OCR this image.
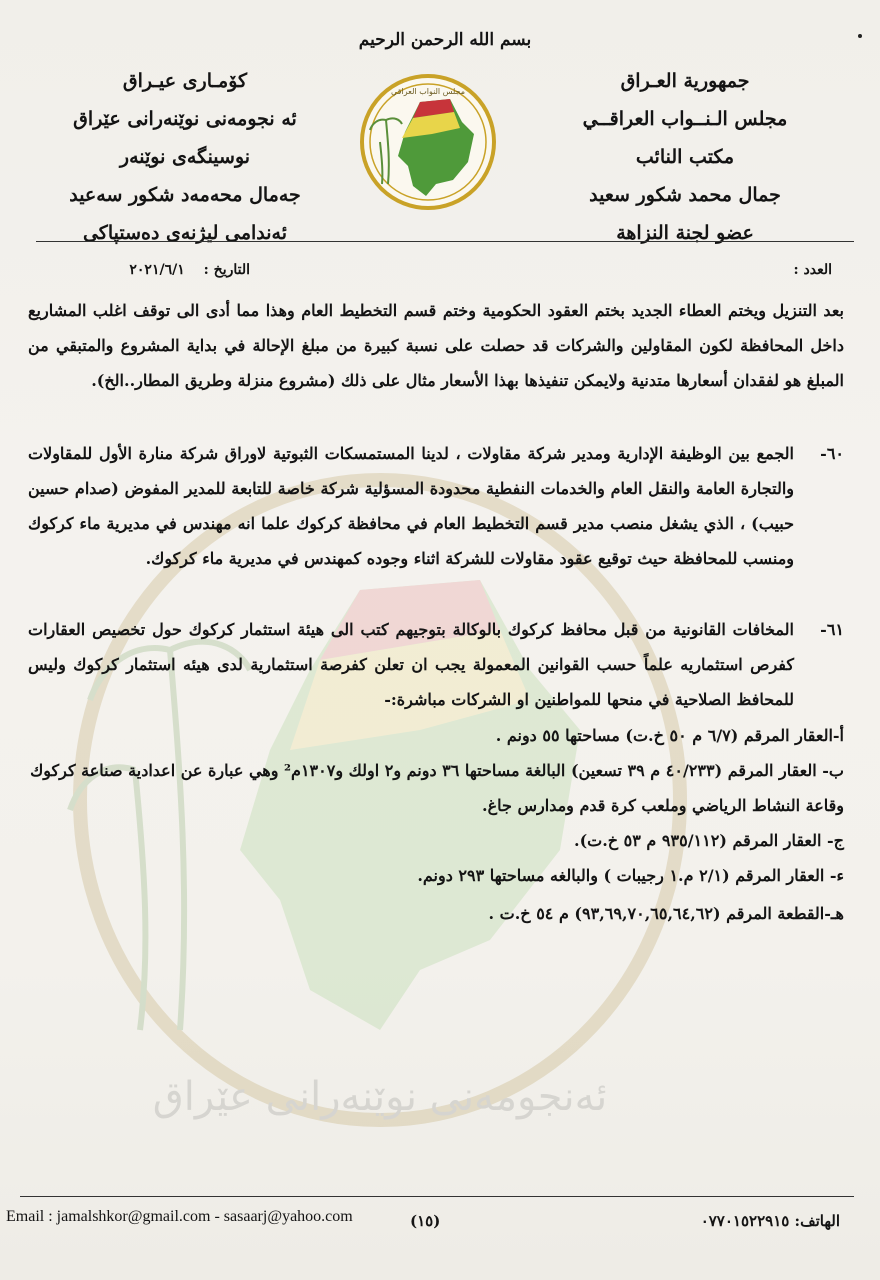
ئه‌نجومه‌نى نوێنه‌رانى عێراق
بسم الله الرحمن الرحيم
جمهورية العـراق
مجلس الـنــواب العراقــي
مكتب النائب
جمال محمد شكور سعيد
عضو لجنة النزاهة
كۆمـارى عيـراق
ئه نجومه‌نى نوێنه‌رانى عێراق
نوسینگه‌ى نوێنه‌ر
جه‌مال محه‌مه‌د شكور سه‌عيد
ئه‌ندامى ليژنه‌ى ده‌ستپاكى
مجلس النواب العراقي
العدد :
التاريخ : ٢٠٢١/٦/١
بعد التنزيل ويختم العطاء الجديد بختم العقود الحكومية وختم قسم التخطيط العام وهذا مما أدى الى توقف اغلب المشاريع داخل المحافظة لكون المقاولين والشركات قد حصلت على نسبة كبيرة من مبلغ الإحالة في بداية المشروع والمتبقي من المبلغ هو لفقدان أسعارها متدنية ولايمكن تنفيذها بهذا الأسعار مثال على ذلك (مشروع منزلة وطريق المطار..الخ).
٦٠-
الجمع بين الوظيفة الإدارية ومدير شركة مقاولات ، لدينا المستمسكات الثبوتية لاوراق شركة منارة الأول للمقاولات والتجارة العامة والنقل العام والخدمات النفطية محدودة المسؤلية شركة خاصة للتابعة للمدير المفوض (صدام حسين حبيب) ، الذي يشغل منصب مدير قسم التخطيط العام في محافظة كركوك علما انه مهندس في مديرية ماء كركوك ومنسب للمحافظة حيث توقيع عقود مقاولات للشركة اثناء وجوده كمهندس في مديرية ماء كركوك.
٦١-
المخافات القانونية من قبل محافظ كركوك بالوكالة بتوجيهم كتب الى هيئة استثمار كركوك حول تخصيص العقارات كفرص استثماريه علماً حسب القوانين المعمولة يجب ان تعلن كفرصة استثمارية لدى هيئه استثمار كركوك وليس للمحافظ الصلاحية في منحها للمواطنين او الشركات مباشرة:-
أ-العقار المرقم (٦/٧ م ٥٠ خ.ت) مساحتها ٥٥ دونم .
ب- العقار المرقم (٤٠/٢٣٣ م ٣٩ تسعين) البالغة مساحتها ٣٦ دونم و٢ اولك و١٣٠٧م² وهي عبارة عن اعدادية صناعة كركوك وقاعة النشاط الرياضي وملعب كرة قدم ومدارس جاغ.
ج- العقار المرقم (٩٣٥/١١٢ م ٥٣ خ.ت).
ء- العقار المرقم (٢/١ م.١ رجيبات ) والبالغه مساحتها ٢٩٣ دونم.
هـ-القطعة المرقم (٩٣,٦٩,٧٠,٦٥,٦٤,٦٢) م ٥٤ خ.ت .
Email : jamalshkor@gmail.com - sasaarj@yahoo.com	(١٥)	الهاتف: ٠٧٧٠١٥٢٢٩١٥
